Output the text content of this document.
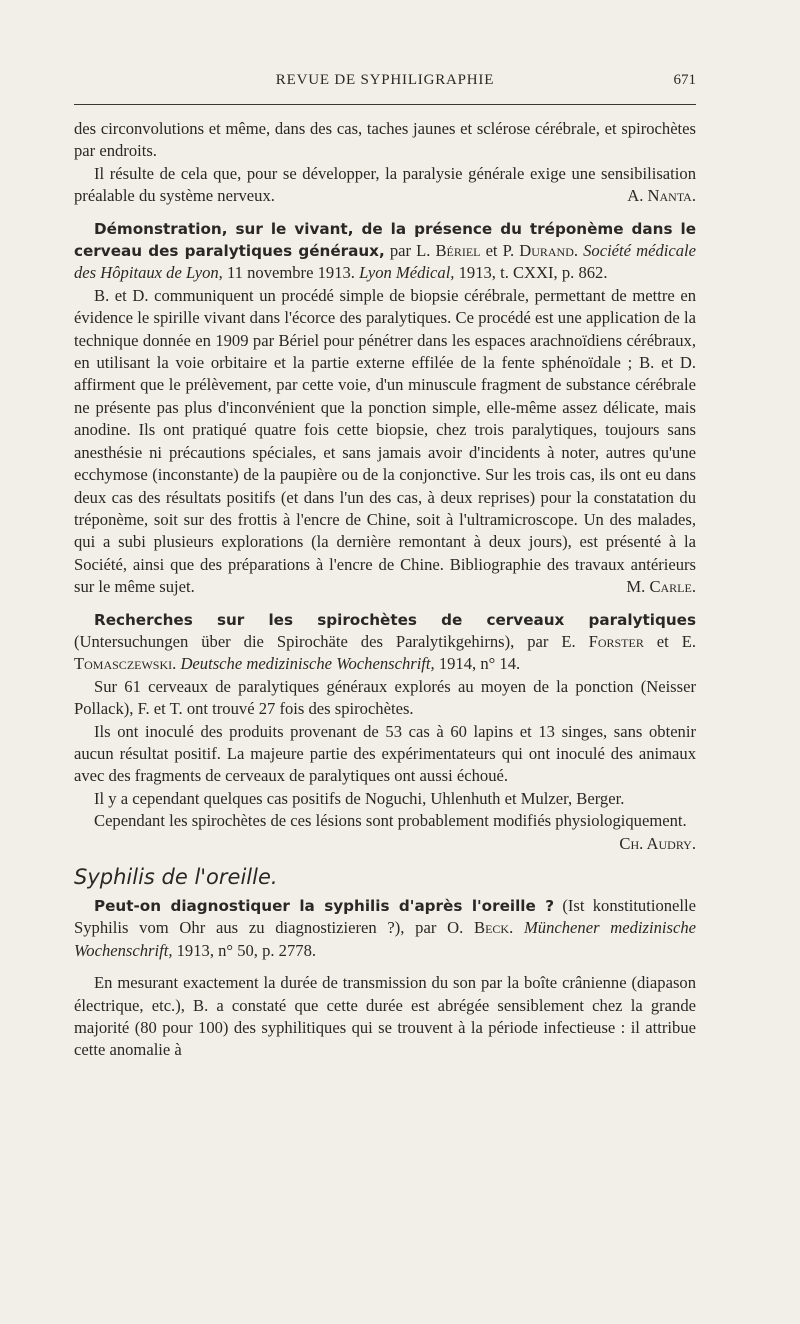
REVUE DE SYPHILIGRAPHIE	671

des circonvolutions et même, dans des cas, taches jaunes et sclérose cérébrale, et spirochètes par endroits.

Il résulte de cela que, pour se développer, la paralysie générale exige une sensibilisation préalable du système nerveux.	A. Nanta.

Démonstration, sur le vivant, de la présence du tréponème dans le cerveau des paralytiques généraux, par L. Bériel et P. Durand. Société médicale des Hôpitaux de Lyon, 11 novembre 1913. Lyon Médical, 1913, t. CXXI, p. 862.

B. et D. communiquent un procédé simple de biopsie cérébrale, permettant de mettre en évidence le spirille vivant dans l'écorce des paralytiques. Ce procédé est une application de la technique donnée en 1909 par Bériel pour pénétrer dans les espaces arachnoïdiens cérébraux, en utilisant la voie orbitaire et la partie externe effilée de la fente sphénoïdale ; B. et D. affirment que le prélèvement, par cette voie, d'un minuscule fragment de substance cérébrale ne présente pas plus d'inconvénient que la ponction simple, elle-même assez délicate, mais anodine. Ils ont pratiqué quatre fois cette biopsie, chez trois paralytiques, toujours sans anesthésie ni précautions spéciales, et sans jamais avoir d'incidents à noter, autres qu'une ecchymose (inconstante) de la paupière ou de la conjonctive. Sur les trois cas, ils ont eu dans deux cas des résultats positifs (et dans l'un des cas, à deux reprises) pour la constatation du tréponème, soit sur des frottis à l'encre de Chine, soit à l'ultramicroscope. Un des malades, qui a subi plusieurs explorations (la dernière remontant à deux jours), est présenté à la Société, ainsi que des préparations à l'encre de Chine. Bibliographie des travaux antérieurs sur le même sujet.	M. Carle.

Recherches sur les spirochètes de cerveaux paralytiques (Untersuchungen über die Spirochäte des Paralytikgehirns), par E. Forster et E. Tomasczewski. Deutsche medizinische Wochenschrift, 1914, n° 14.

Sur 61 cerveaux de paralytiques généraux explorés au moyen de la ponction (Neisser Pollack), F. et T. ont trouvé 27 fois des spirochètes.

Ils ont inoculé des produits provenant de 53 cas à 60 lapins et 13 singes, sans obtenir aucun résultat positif. La majeure partie des expérimentateurs qui ont inoculé des animaux avec des fragments de cerveaux de paralytiques ont aussi échoué.

Il y a cependant quelques cas positifs de Noguchi, Uhlenhuth et Mulzer, Berger.

Cependant les spirochètes de ces lésions sont probablement modifiés physiologiquement.
Ch. Audry.

Syphilis de l'oreille.

Peut-on diagnostiquer la syphilis d'après l'oreille ? (Ist konstitutionelle Syphilis vom Ohr aus zu diagnostizieren ?), par O. Beck. Münchener medizinische Wochenschrift, 1913, n° 50, p. 2778.

En mesurant exactement la durée de transmission du son par la boîte crânienne (diapason électrique, etc.), B. a constaté que cette durée est abrégée sensiblement chez la grande majorité (80 pour 100) des syphilitiques qui se trouvent à la période infectieuse : il attribue cette anomalie à
